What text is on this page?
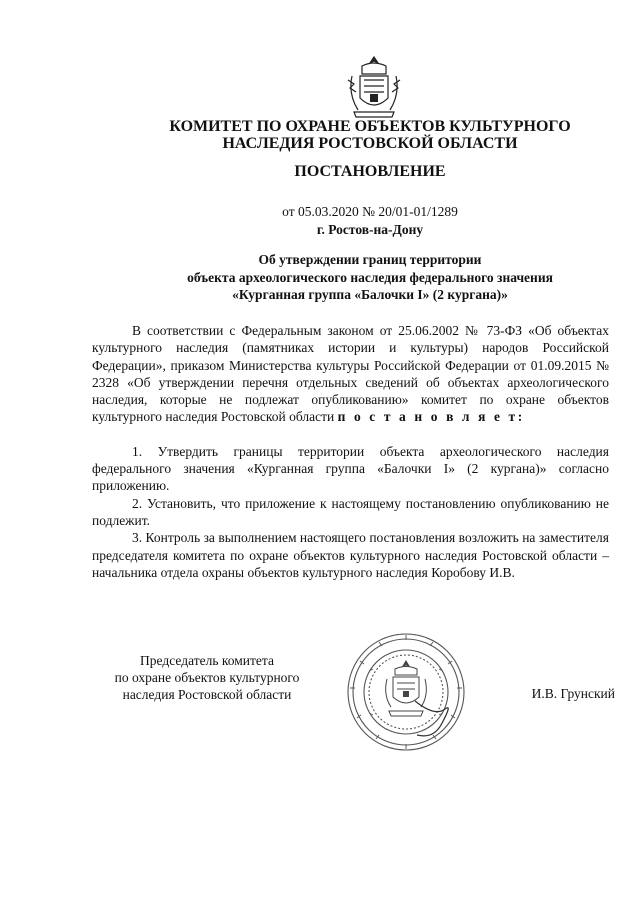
КОМИТЕТ ПО ОХРАНЕ ОБЪЕКТОВ КУЛЬТУРНОГО
НАСЛЕДИЯ РОСТОВСКОЙ ОБЛАСТИ
ПОСТАНОВЛЕНИЕ
от 05.03.2020 № 20/01-01/1289
г. Ростов-на-Дону
Об утверждении границ территории
объекта археологического наследия федерального значения
«Курганная группа «Балочки I» (2 кургана)»

В соответствии с Федеральным законом от 25.06.2002 № 73-ФЗ «Об объектах культурного наследия (памятниках истории и культуры) народов Российской Федерации», приказом Министерства культуры Российской Федерации от 01.09.2015 № 2328 «Об утверждении перечня отдельных сведений об объектах археологического наследия, которые не подлежат опубликованию» комитет по охране объектов культурного наследия Ростовской области п о с т а н о в л я е т:

1. Утвердить границы территории объекта археологического наследия федерального значения «Курганная группа «Балочки I» (2 кургана)» согласно приложению.

2. Установить, что приложение к настоящему постановлению опубликованию не подлежит.

3. Контроль за выполнением настоящего постановления возложить на заместителя председателя комитета по охране объектов культурного наследия Ростовской области – начальника отдела охраны объектов культурного наследия Коробову И.В.

Председатель комитета
по охране объектов культурного
наследия Ростовской области	И.В. Грунский
